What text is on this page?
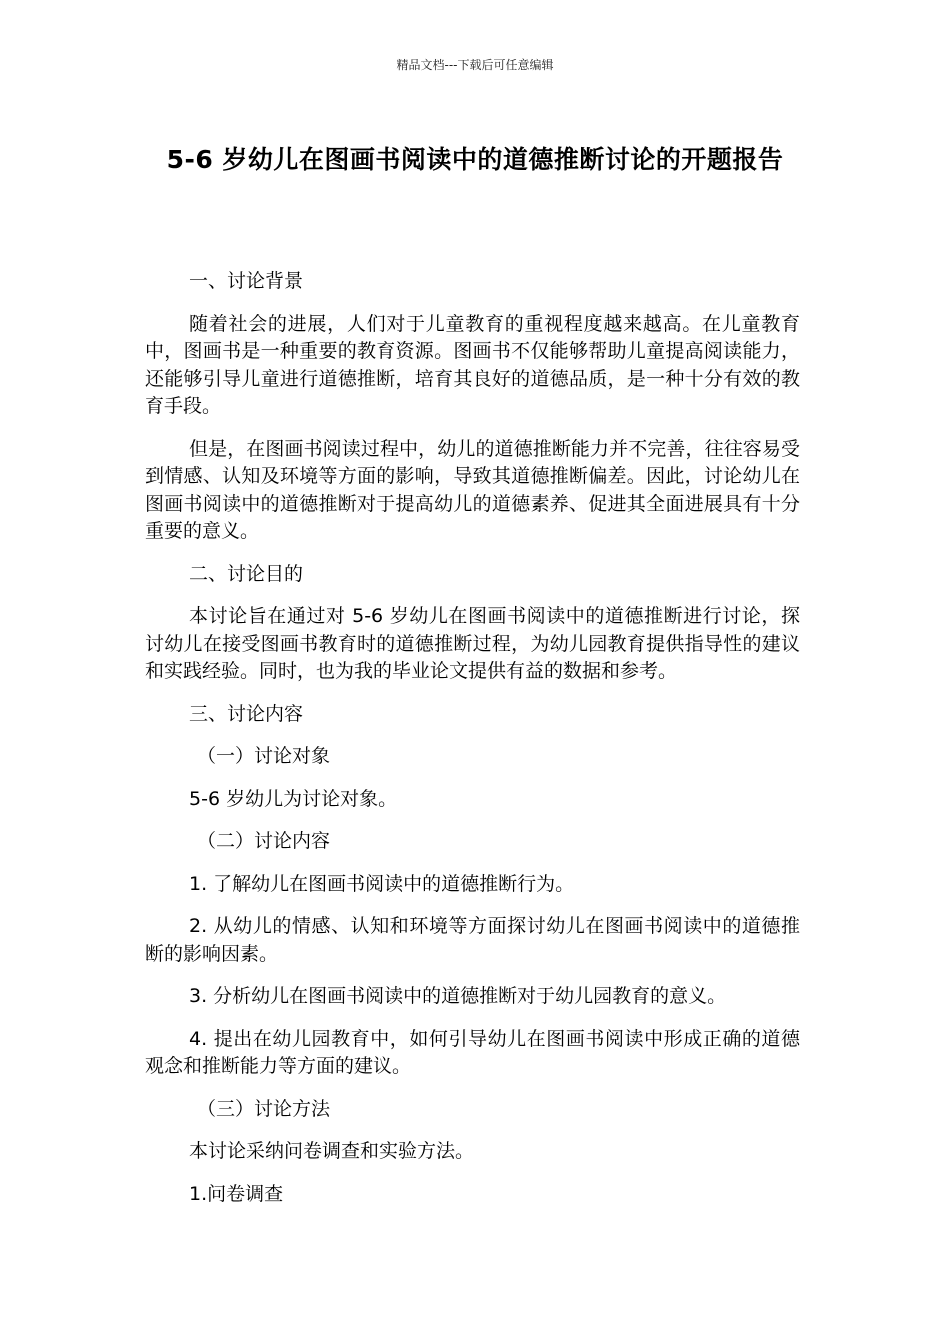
精品文档---下载后可任意编辑
5-6 岁幼儿在图画书阅读中的道德推断讨论的开题报告

一、讨论背景

随着社会的进展，人们对于儿童教育的重视程度越来越高。在儿童教育中，图画书是一种重要的教育资源。图画书不仅能够帮助儿童提高阅读能力，还能够引导儿童进行道德推断，培育其良好的道德品质，是一种十分有效的教育手段。

但是，在图画书阅读过程中，幼儿的道德推断能力并不完善，往往容易受到情感、认知及环境等方面的影响，导致其道德推断偏差。因此，讨论幼儿在图画书阅读中的道德推断对于提高幼儿的道德素养、促进其全面进展具有十分重要的意义。

二、讨论目的

本讨论旨在通过对 5-6 岁幼儿在图画书阅读中的道德推断进行讨论，探讨幼儿在接受图画书教育时的道德推断过程，为幼儿园教育提供指导性的建议和实践经验。同时，也为我的毕业论文提供有益的数据和参考。

三、讨论内容

（一）讨论对象

5-6 岁幼儿为讨论对象。

（二）讨论内容

1. 了解幼儿在图画书阅读中的道德推断行为。

2. 从幼儿的情感、认知和环境等方面探讨幼儿在图画书阅读中的道德推断的影响因素。

3. 分析幼儿在图画书阅读中的道德推断对于幼儿园教育的意义。

4. 提出在幼儿园教育中，如何引导幼儿在图画书阅读中形成正确的道德观念和推断能力等方面的建议。

（三）讨论方法

本讨论采纳问卷调查和实验方法。

1.问卷调查
